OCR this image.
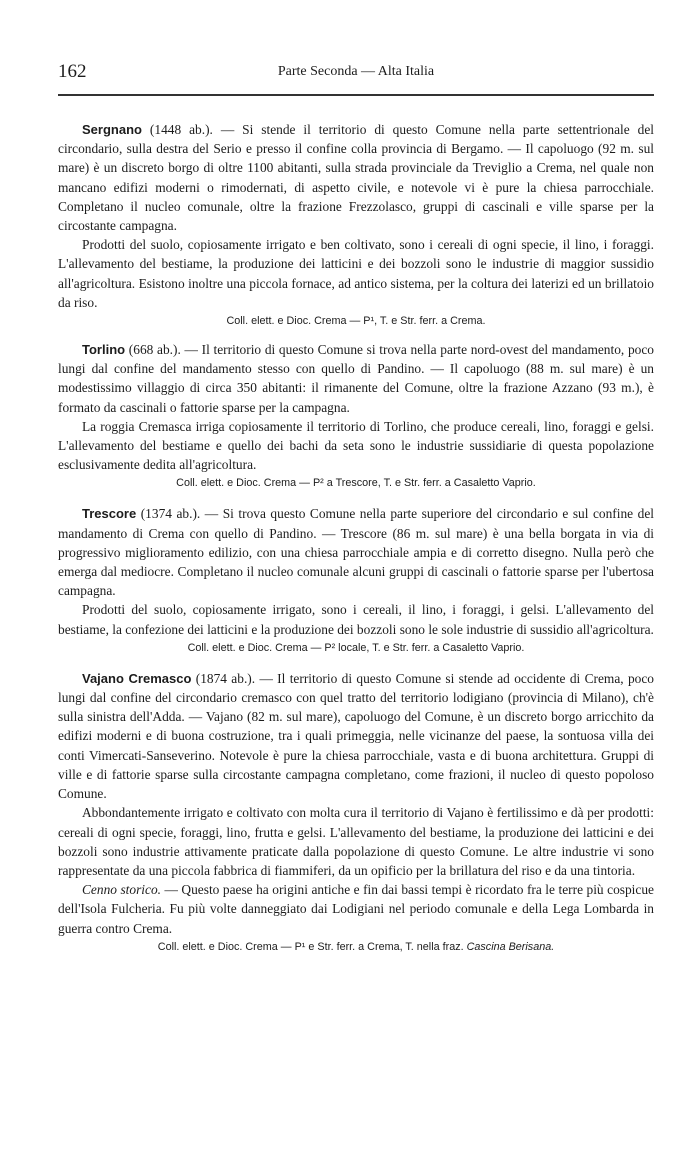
162	Parte Seconda — Alta Italia

Sergnano (1448 ab.). — Si stende il territorio di questo Comune nella parte settentrionale del circondario, sulla destra del Serio e presso il confine colla provincia di Bergamo. — Il capoluogo (92 m. sul mare) è un discreto borgo di oltre 1100 abitanti, sulla strada provinciale da Treviglio a Crema, nel quale non mancano edifizi moderni o rimodernati, di aspetto civile, e notevole vi è pure la chiesa parrocchiale. Completano il nucleo comunale, oltre la frazione Frezzolasco, gruppi di cascinali e ville sparse per la circostante campagna.

Prodotti del suolo, copiosamente irrigato e ben coltivato, sono i cereali di ogni specie, il lino, i foraggi. L'allevamento del bestiame, la produzione dei latticini e dei bozzoli sono le industrie di maggior sussidio all'agricoltura. Esistono inoltre una piccola fornace, ad antico sistema, per la coltura dei laterizi ed un brillatoio da riso.

Coll. elett. e Dioc. Crema — P¹, T. e Str. ferr. a Crema.

Torlino (668 ab.). — Il territorio di questo Comune si trova nella parte nord-ovest del mandamento, poco lungi dal confine del mandamento stesso con quello di Pandino. — Il capoluogo (88 m. sul mare) è un modestissimo villaggio di circa 350 abitanti: il rimanente del Comune, oltre la frazione Azzano (93 m.), è formato da cascinali o fattorie sparse per la campagna.

La roggia Cremasca irriga copiosamente il territorio di Torlino, che produce cereali, lino, foraggi e gelsi. L'allevamento del bestiame e quello dei bachi da seta sono le industrie sussidiarie di questa popolazione esclusivamente dedita all'agricoltura.

Coll. elett. e Dioc. Crema — P² a Trescore, T. e Str. ferr. a Casaletto Vaprio.

Trescore (1374 ab.). — Si trova questo Comune nella parte superiore del circondario e sul confine del mandamento di Crema con quello di Pandino. — Trescore (86 m. sul mare) è una bella borgata in via di progressivo miglioramento edilizio, con una chiesa parrocchiale ampia e di corretto disegno. Nulla però che emerga dal mediocre. Completano il nucleo comunale alcuni gruppi di cascinali o fattorie sparse per l'ubertosa campagna.

Prodotti del suolo, copiosamente irrigato, sono i cereali, il lino, i foraggi, i gelsi. L'allevamento del bestiame, la confezione dei latticini e la produzione dei bozzoli sono le sole industrie di sussidio all'agricoltura.

Coll. elett. e Dioc. Crema — P² locale, T. e Str. ferr. a Casaletto Vaprio.

Vajano Cremasco (1874 ab.). — Il territorio di questo Comune si stende ad occidente di Crema, poco lungi dal confine del circondario cremasco con quel tratto del territorio lodigiano (provincia di Milano), ch'è sulla sinistra dell'Adda. — Vajano (82 m. sul mare), capoluogo del Comune, è un discreto borgo arricchito da edifizi moderni e di buona costruzione, tra i quali primeggia, nelle vicinanze del paese, la sontuosa villa dei conti Vimercati-Sanseverino. Notevole è pure la chiesa parrocchiale, vasta e di buona architettura. Gruppi di ville e di fattorie sparse sulla circostante campagna completano, come frazioni, il nucleo di questo popoloso Comune.

Abbondantemente irrigato e coltivato con molta cura il territorio di Vajano è fertilissimo e dà per prodotti: cereali di ogni specie, foraggi, lino, frutta e gelsi. L'allevamento del bestiame, la produzione dei latticini e dei bozzoli sono industrie attivamente praticate dalla popolazione di questo Comune. Le altre industrie vi sono rappresentate da una piccola fabbrica di fiammiferi, da un opificio per la brillatura del riso e da una tintoria.

Cenno storico. — Questo paese ha origini antiche e fin dai bassi tempi è ricordato fra le terre più cospicue dell'Isola Fulcheria. Fu più volte danneggiato dai Lodigiani nel periodo comunale e della Lega Lombarda in guerra contro Crema.

Coll. elett. e Dioc. Crema — P¹ e Str. ferr. a Crema, T. nella fraz. Cascina Berisana.
